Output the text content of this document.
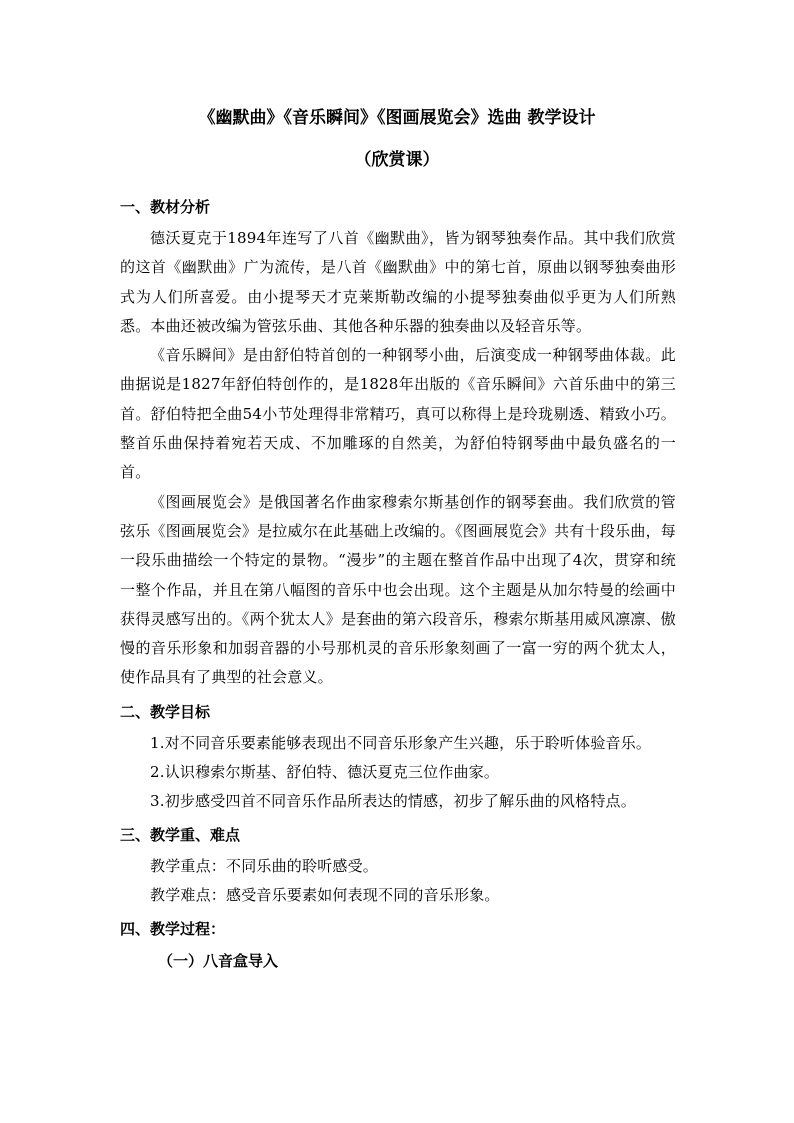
《幽默曲》《音乐瞬间》《图画展览会》选曲 教学设计
（欣赏课）

一、教材分析

德沃夏克于1894年连写了八首《幽默曲》，皆为钢琴独奏作品。其中我们欣赏的这首《幽默曲》广为流传，是八首《幽默曲》中的第七首，原曲以钢琴独奏曲形式为人们所喜爱。由小提琴天才克莱斯勒改编的小提琴独奏曲似乎更为人们所熟悉。本曲还被改编为管弦乐曲、其他各种乐器的独奏曲以及轻音乐等。

《音乐瞬间》是由舒伯特首创的一种钢琴小曲，后演变成一种钢琴曲体裁。此曲据说是1827年舒伯特创作的，是1828年出版的《音乐瞬间》六首乐曲中的第三首。舒伯特把全曲54小节处理得非常精巧，真可以称得上是玲珑剔透、精致小巧。整首乐曲保持着宛若天成、不加雕琢的自然美，为舒伯特钢琴曲中最负盛名的一首。

《图画展览会》是俄国著名作曲家穆索尔斯基创作的钢琴套曲。我们欣赏的管弦乐《图画展览会》是拉威尔在此基础上改编的。《图画展览会》共有十段乐曲，每一段乐曲描绘一个特定的景物。“漫步”的主题在整首作品中出现了4次，贯穿和统一整个作品，并且在第八幅图的音乐中也会出现。这个主题是从加尔特曼的绘画中获得灵感写出的。《两个犹太人》是套曲的第六段音乐，穆索尔斯基用威风凛凛、傲慢的音乐形象和加弱音器的小号那机灵的音乐形象刻画了一富一穷的两个犹太人，使作品具有了典型的社会意义。

二、教学目标

1.对不同音乐要素能够表现出不同音乐形象产生兴趣，乐于聆听体验音乐。

2.认识穆索尔斯基、舒伯特、德沃夏克三位作曲家。

3.初步感受四首不同音乐作品所表达的情感，初步了解乐曲的风格特点。

三、教学重、难点

教学重点：不同乐曲的聆听感受。

教学难点：感受音乐要素如何表现不同的音乐形象。

四、教学过程：

（一）八音盒导入
